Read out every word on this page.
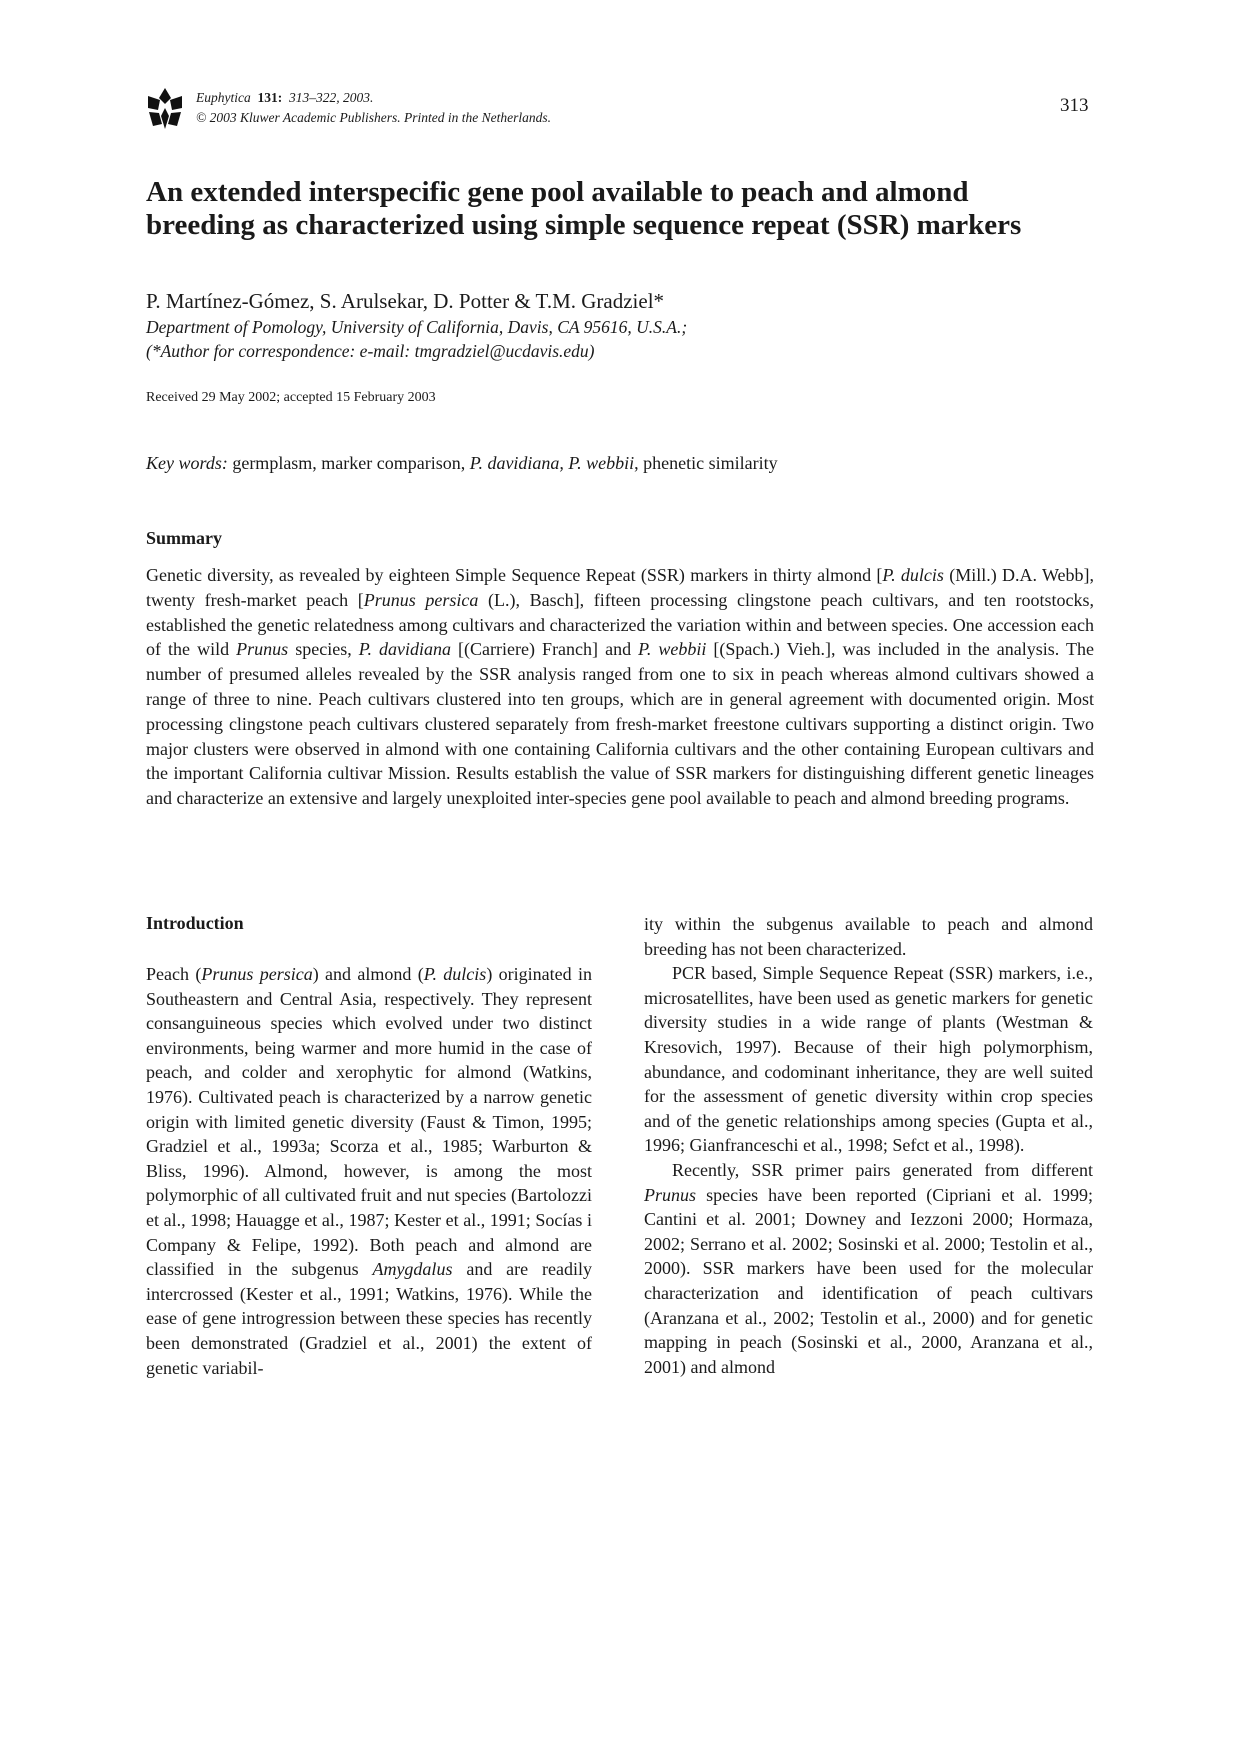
Euphytica 131: 313–322, 2003.
© 2003 Kluwer Academic Publishers. Printed in the Netherlands.
313
An extended interspecific gene pool available to peach and almond
breeding as characterized using simple sequence repeat (SSR) markers
P. Martínez-Gómez, S. Arulsekar, D. Potter & T.M. Gradziel*
Department of Pomology, University of California, Davis, CA 95616, U.S.A.;
(*Author for correspondence: e-mail: tmgradziel@ucdavis.edu)
Received 29 May 2002; accepted 15 February 2003
Key words: germplasm, marker comparison, P. davidiana, P. webbii, phenetic similarity
Summary
Genetic diversity, as revealed by eighteen Simple Sequence Repeat (SSR) markers in thirty almond [P. dulcis (Mill.) D.A. Webb], twenty fresh-market peach [Prunus persica (L.), Basch], fifteen processing clingstone peach cultivars, and ten rootstocks, established the genetic relatedness among cultivars and characterized the variation within and between species. One accession each of the wild Prunus species, P. davidiana [(Carriere) Franch] and P. webbii [(Spach.) Vieh.], was included in the analysis. The number of presumed alleles revealed by the SSR analysis ranged from one to six in peach whereas almond cultivars showed a range of three to nine. Peach cultivars clustered into ten groups, which are in general agreement with documented origin. Most processing clingstone peach cultivars clustered separately from fresh-market freestone cultivars supporting a distinct origin. Two major clusters were observed in almond with one containing California cultivars and the other containing European cultivars and the important California cultivar Mission. Results establish the value of SSR markers for distinguishing different genetic lineages and characterize an extensive and largely unexploited inter-species gene pool available to peach and almond breeding programs.
Introduction

Peach (Prunus persica) and almond (P. dulcis) originated in Southeastern and Central Asia, respectively. They represent consanguineous species which evolved under two distinct environments, being warmer and more humid in the case of peach, and colder and xerophytic for almond (Watkins, 1976). Cultivated peach is characterized by a narrow genetic origin with limited genetic diversity (Faust & Timon, 1995; Gradziel et al., 1993a; Scorza et al., 1985; Warburton & Bliss, 1996). Almond, however, is among the most polymorphic of all cultivated fruit and nut species (Bartolozzi et al., 1998; Hauagge et al., 1987; Kester et al., 1991; Socías i Company & Felipe, 1992). Both peach and almond are classified in the subgenus Amygdalus and are readily intercrossed (Kester et al., 1991; Watkins, 1976). While the ease of gene introgression between these species has recently been demonstrated (Gradziel et al., 2001) the extent of genetic variabil-

ity within the subgenus available to peach and almond breeding has not been characterized.

PCR based, Simple Sequence Repeat (SSR) markers, i.e., microsatellites, have been used as genetic markers for genetic diversity studies in a wide range of plants (Westman & Kresovich, 1997). Because of their high polymorphism, abundance, and codominant inheritance, they are well suited for the assessment of genetic diversity within crop species and of the genetic relationships among species (Gupta et al., 1996; Gianfranceschi et al., 1998; Sefct et al., 1998).

Recently, SSR primer pairs generated from different Prunus species have been reported (Cipriani et al. 1999; Cantini et al. 2001; Downey and Iezzoni 2000; Hormaza, 2002; Serrano et al. 2002; Sosinski et al. 2000; Testolin et al., 2000). SSR markers have been used for the molecular characterization and identification of peach cultivars (Aranzana et al., 2002; Testolin et al., 2000) and for genetic mapping in peach (Sosinski et al., 2000, Aranzana et al., 2001) and almond
